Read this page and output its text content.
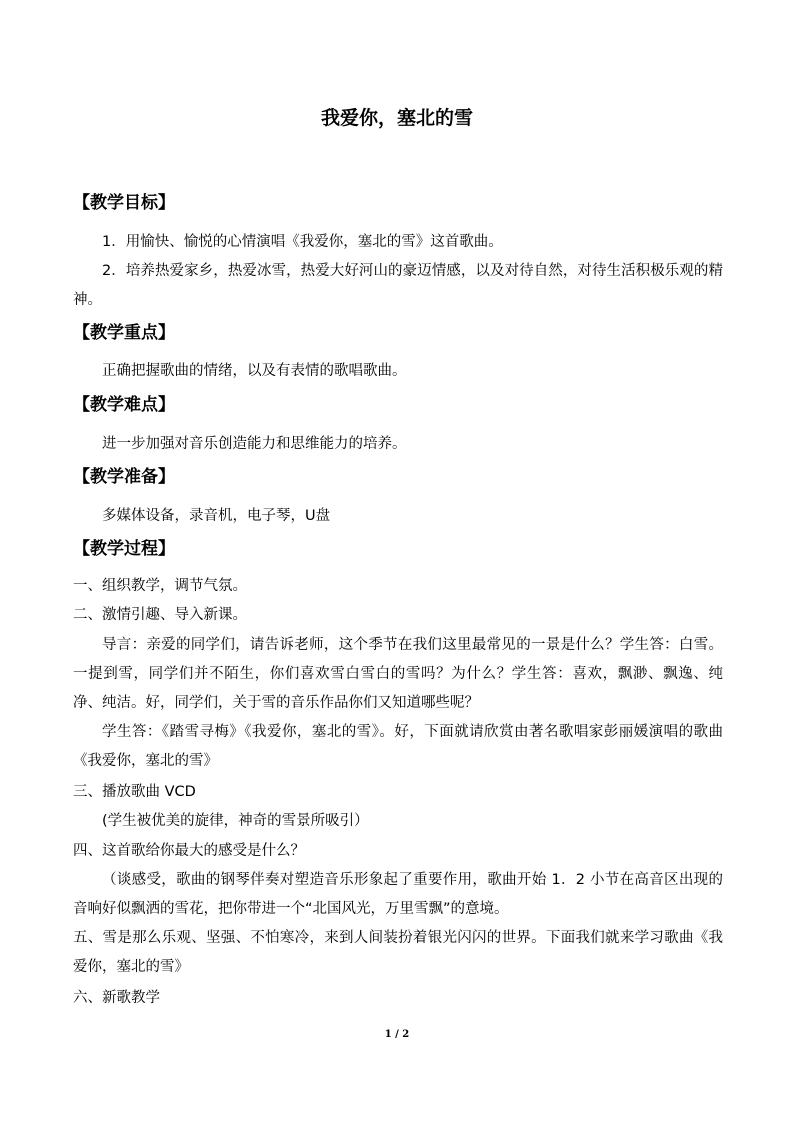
我爱你，塞北的雪
【教学目标】
1．用愉快、愉悦的心情演唱《我爱你，塞北的雪》这首歌曲。
2．培养热爱家乡，热爱冰雪，热爱大好河山的豪迈情感，以及对待自然，对待生活积极乐观的精神。
【教学重点】
正确把握歌曲的情绪，以及有表情的歌唱歌曲。
【教学难点】
进一步加强对音乐创造能力和思维能力的培养。
【教学准备】
多媒体设备，录音机，电子琴，U盘
【教学过程】
一、组织教学，调节气氛。
二、激情引趣、导入新课。
导言：亲爱的同学们，请告诉老师，这个季节在我们这里最常见的一景是什么？学生答：白雪。一提到雪，同学们并不陌生，你们喜欢雪白雪白的雪吗？为什么？学生答：喜欢，飘渺、飘逸、纯净、纯洁。好，同学们，关于雪的音乐作品你们又知道哪些呢？
学生答：《踏雪寻梅》《我爱你，塞北的雪》。好，下面就请欣赏由著名歌唱家彭丽媛演唱的歌曲《我爱你，塞北的雪》
三、播放歌曲 VCD
(学生被优美的旋律，神奇的雪景所吸引）
四、这首歌给你最大的感受是什么？
（谈感受，歌曲的钢琴伴奏对塑造音乐形象起了重要作用，歌曲开始 1．2 小节在高音区出现的音响好似飘洒的雪花，把你带进一个“北国风光，万里雪飘”的意境。
五、雪是那么乐观、坚强、不怕寒冷，来到人间装扮着银光闪闪的世界。下面我们就来学习歌曲《我爱你，塞北的雪》
六、新歌教学
1 / 2
